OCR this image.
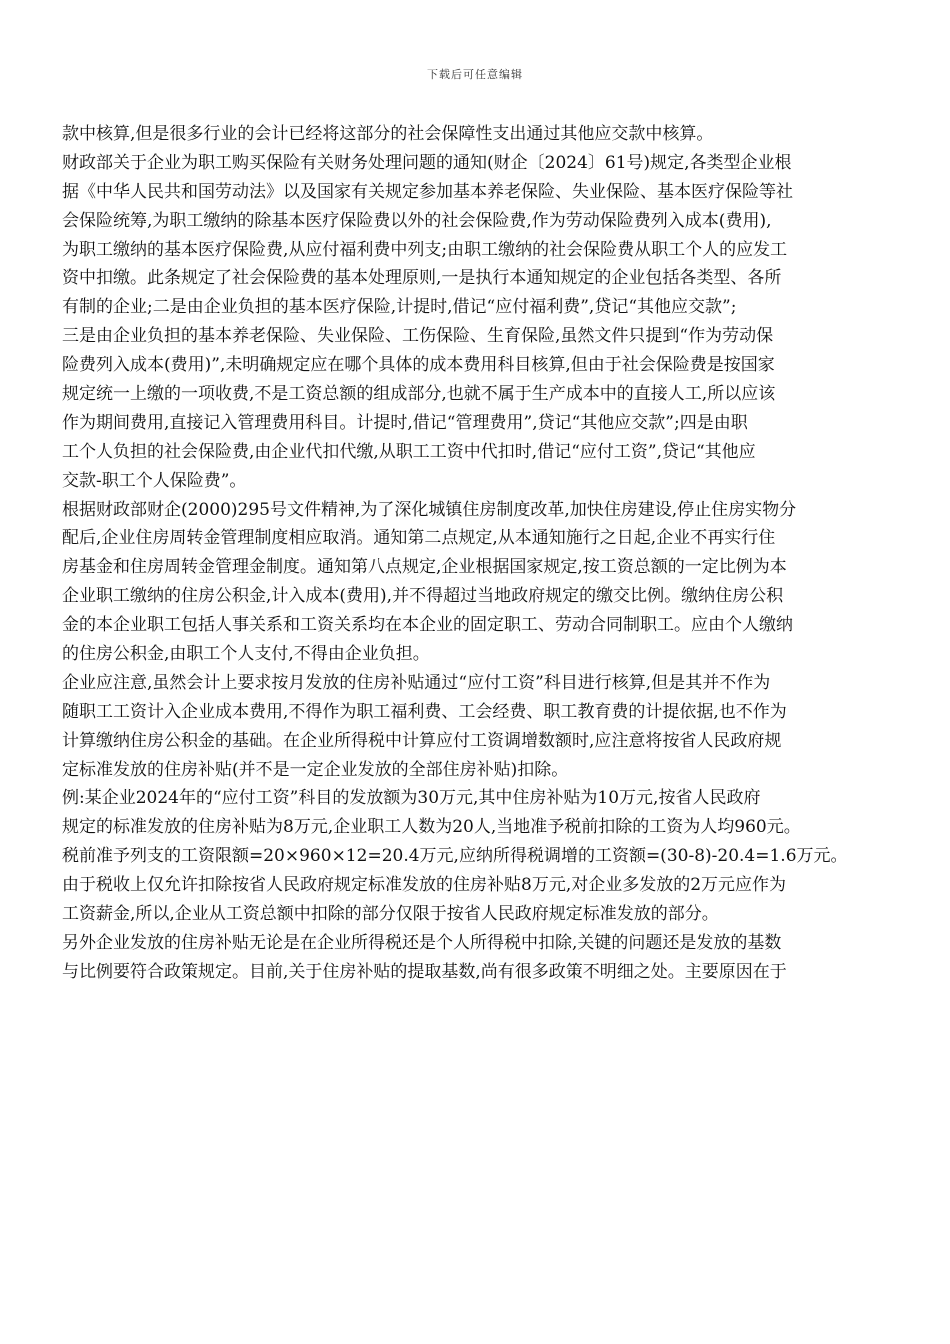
下载后可任意编辑
款中核算,但是很多行业的会计已经将这部分的社会保障性支出通过其他应交款中核算。
财政部关于企业为职工购买保险有关财务处理问题的通知(财企〔2024〕61号)规定,各类型企业根
据《中华人民共和国劳动法》以及国家有关规定参加基本养老保险、失业保险、基本医疗保险等社
会保险统筹,为职工缴纳的除基本医疗保险费以外的社会保险费,作为劳动保险费列入成本(费用),
为职工缴纳的基本医疗保险费,从应付福利费中列支;由职工缴纳的社会保险费从职工个人的应发工
资中扣缴。此条规定了社会保险费的基本处理原则,一是执行本通知规定的企业包括各类型、各所
有制的企业;二是由企业负担的基本医疗保险,计提时,借记“应付福利费”,贷记“其他应交款”;
三是由企业负担的基本养老保险、失业保险、工伤保险、生育保险,虽然文件只提到“作为劳动保
险费列入成本(费用)”,未明确规定应在哪个具体的成本费用科目核算,但由于社会保险费是按国家
规定统一上缴的一项收费,不是工资总额的组成部分,也就不属于生产成本中的直接人工,所以应该
作为期间费用,直接记入管理费用科目。计提时,借记“管理费用”,贷记“其他应交款”;四是由职
工个人负担的社会保险费,由企业代扣代缴,从职工工资中代扣时,借记“应付工资”,贷记“其他应
交款-职工个人保险费”。
根据财政部财企(2000)295号文件精神,为了深化城镇住房制度改革,加快住房建设,停止住房实物分
配后,企业住房周转金管理制度相应取消。通知第二点规定,从本通知施行之日起,企业不再实行住
房基金和住房周转金管理金制度。通知第八点规定,企业根据国家规定,按工资总额的一定比例为本
企业职工缴纳的住房公积金,计入成本(费用),并不得超过当地政府规定的缴交比例。缴纳住房公积
金的本企业职工包括人事关系和工资关系均在本企业的固定职工、劳动合同制职工。应由个人缴纳
的住房公积金,由职工个人支付,不得由企业负担。
企业应注意,虽然会计上要求按月发放的住房补贴通过“应付工资”科目进行核算,但是其并不作为
随职工工资计入企业成本费用,不得作为职工福利费、工会经费、职工教育费的计提依据,也不作为
计算缴纳住房公积金的基础。在企业所得税中计算应付工资调增数额时,应注意将按省人民政府规
定标准发放的住房补贴(并不是一定企业发放的全部住房补贴)扣除。
例:某企业2024年的“应付工资”科目的发放额为30万元,其中住房补贴为10万元,按省人民政府
规定的标准发放的住房补贴为8万元,企业职工人数为20人,当地准予税前扣除的工资为人均960元。
税前准予列支的工资限额=20×960×12=20.4万元,应纳所得税调增的工资额=(30-8)-20.4=1.6万元。
由于税收上仅允许扣除按省人民政府规定标准发放的住房补贴8万元,对企业多发放的2万元应作为
工资薪金,所以,企业从工资总额中扣除的部分仅限于按省人民政府规定标准发放的部分。
另外企业发放的住房补贴无论是在企业所得税还是个人所得税中扣除,关键的问题还是发放的基数
与比例要符合政策规定。目前,关于住房补贴的提取基数,尚有很多政策不明细之处。主要原因在于
